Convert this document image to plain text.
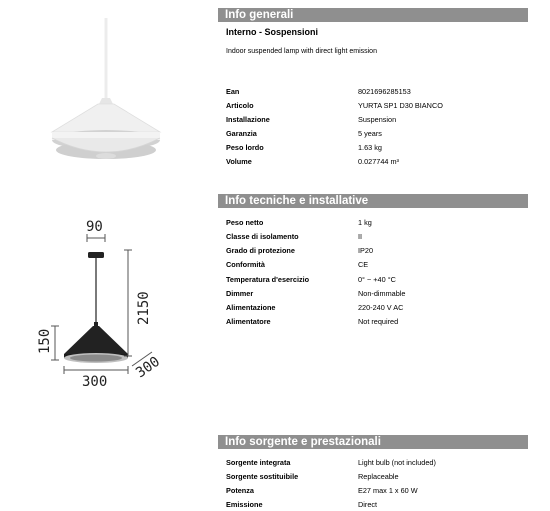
90
2150
150
300
300
Info generali
Interno - Sospensioni
Indoor suspended lamp with direct light emission
Ean	8021696285153
Articolo	YURTA SP1 D30 BIANCO
Installazione	Suspension
Garanzia	5 years
Peso lordo	1.63 kg
Volume	0.027744 m³
Info tecniche e installative
Peso netto	1 kg
Classe di isolamento	II
Grado di protezione	IP20
Conformità	CE
Temperatura d'esercizio	0° ~ +40 °C
Dimmer	Non-dimmable
Alimentazione	220-240 V AC
Alimentatore	Not required
Info sorgente e prestazionali
Sorgente integrata	Light bulb (not included)
Sorgente sostituibile	Replaceable
Potenza	E27 max 1 x 60 W
Emissione	Direct
